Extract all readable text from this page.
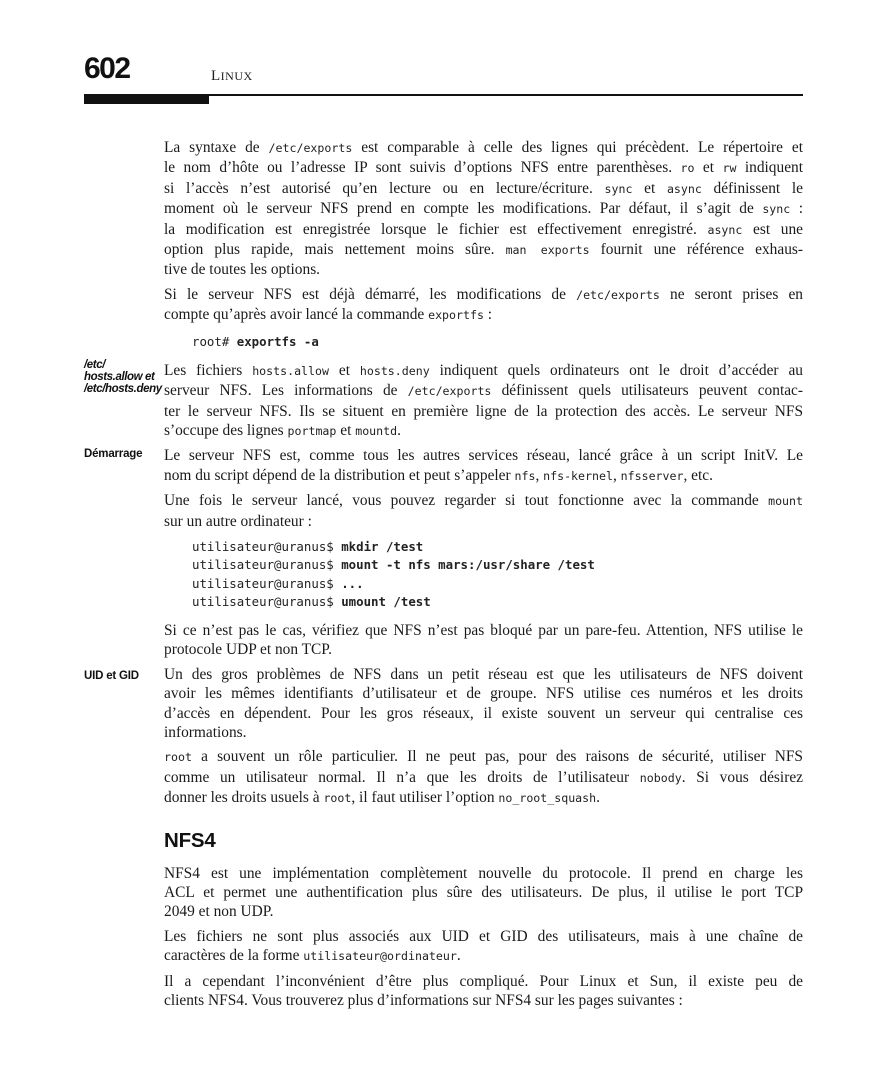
602	LINUX
/etc/
hosts.allow et
/etc/hosts.deny
Démarrage
UID et GID
La syntaxe de /etc/exports est comparable à celle des lignes qui précèdent. Le répertoire et
le nom d’hôte ou l’adresse IP sont suivis d’options NFS entre parenthèses. ro et rw indiquent
si l’accès n’est autorisé qu’en lecture ou en lecture/écriture. sync et async définissent le
moment où le serveur NFS prend en compte les modifications. Par défaut, il s’agit de sync :
la modification est enregistrée lorsque le fichier est effectivement enregistré. async est une
option plus rapide, mais nettement moins sûre. man exports fournit une référence exhaus-
tive de toutes les options.
Si le serveur NFS est déjà démarré, les modifications de /etc/exports ne seront prises en
compte qu’après avoir lancé la commande exportfs :
root# exportfs -a
Les fichiers hosts.allow et hosts.deny indiquent quels ordinateurs ont le droit d’accéder au
serveur NFS. Les informations de /etc/exports définissent quels utilisateurs peuvent contac-
ter le serveur NFS. Ils se situent en première ligne de la protection des accès. Le serveur NFS
s’occupe des lignes portmap et mountd.
Le serveur NFS est, comme tous les autres services réseau, lancé grâce à un script InitV. Le
nom du script dépend de la distribution et peut s’appeler nfs, nfs-kernel, nfsserver, etc.
Une fois le serveur lancé, vous pouvez regarder si tout fonctionne avec la commande mount
sur un autre ordinateur :
utilisateur@uranus$ mkdir /test
utilisateur@uranus$ mount -t nfs mars:/usr/share /test
utilisateur@uranus$ ...
utilisateur@uranus$ umount /test
Si ce n’est pas le cas, vérifiez que NFS n’est pas bloqué par un pare-feu. Attention, NFS utilise le
protocole UDP et non TCP.
Un des gros problèmes de NFS dans un petit réseau est que les utilisateurs de NFS doivent
avoir les mêmes identifiants d’utilisateur et de groupe. NFS utilise ces numéros et les droits
d’accès en dépendent. Pour les gros réseaux, il existe souvent un serveur qui centralise ces
informations.
root a souvent un rôle particulier. Il ne peut pas, pour des raisons de sécurité, utiliser NFS
comme un utilisateur normal. Il n’a que les droits de l’utilisateur nobody. Si vous désirez
donner les droits usuels à root, il faut utiliser l’option no_root_squash.
NFS4
NFS4 est une implémentation complètement nouvelle du protocole. Il prend en charge les
ACL et permet une authentification plus sûre des utilisateurs. De plus, il utilise le port TCP
2049 et non UDP.
Les fichiers ne sont plus associés aux UID et GID des utilisateurs, mais à une chaîne de
caractères de la forme utilisateur@ordinateur.
Il a cependant l’inconvénient d’être plus compliqué. Pour Linux et Sun, il existe peu de
clients NFS4. Vous trouverez plus d’informations sur NFS4 sur les pages suivantes :
